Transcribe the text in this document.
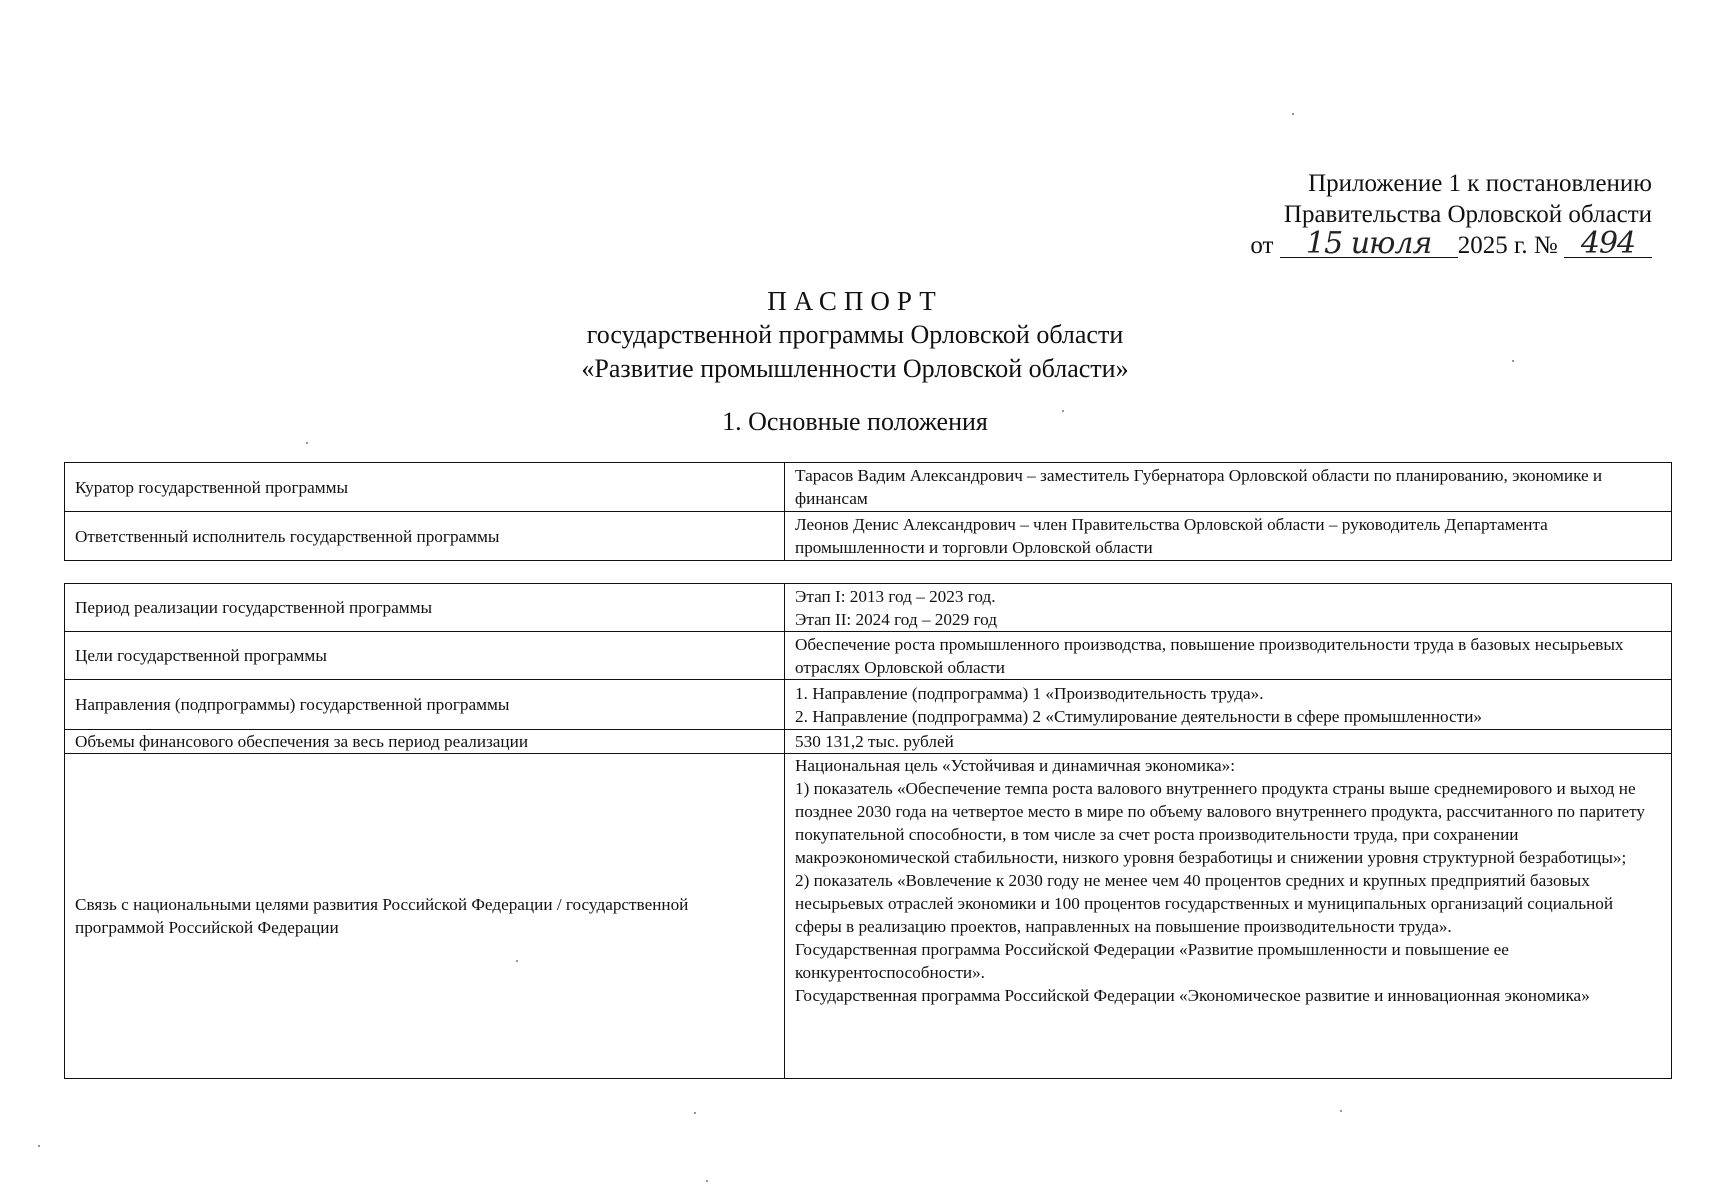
Приложение 1 к постановлению
Правительства Орловской области
от 15 июля 2025 г. № 494
ПАСПОРТ
государственной программы Орловской области
«Развитие промышленности Орловской области»
1. Основные положения
Куратор государственной программы	Тарасов Вадим Александрович – заместитель Губернатора Орловской области по планированию, экономике и финансам
Ответственный исполнитель государственной программы	Леонов Денис Александрович – член Правительства Орловской области – руководитель Департамента промышленности и торговли Орловской области
Период реализации государственной программы	Этап I: 2013 год – 2023 год.
Этап II: 2024 год – 2029 год

Цели государственной программы	Обеспечение роста промышленного производства, повышение производительности труда в базовых несырьевых отраслях Орловской области
Направления (подпрограммы) государственной программы	1. Направление (подпрограмма) 1 «Производительность труда».
2. Направление (подпрограмма) 2 «Стимулирование деятельности в сфере промышленности»

Объемы финансового обеспечения за весь период реализации	530 131,2 тыс. рублей
Связь с национальными целями развития Российской Федерации / государственной программой Российской Федерации	Национальная цель «Устойчивая и динамичная экономика»:
1) показатель «Обеспечение темпа роста валового внутреннего продукта страны выше среднемирового и выход не позднее 2030 года на четвертое место в мире по объему валового внутреннего продукта, рассчитанного по паритету покупательной способности, в том числе за счет роста производительности труда, при сохранении макроэкономической стабильности, низкого уровня безработицы и снижении уровня структурной безработицы»;
2) показатель «Вовлечение к 2030 году не менее чем 40 процентов средних и крупных предприятий базовых несырьевых отраслей экономики и 100 процентов государственных и муниципальных организаций социальной сферы в реализацию проектов, направленных на повышение производительности труда».
Государственная программа Российской Федерации «Развитие промышленности и повышение ее конкурентоспособности».
Государственная программа Российской Федерации «Экономическое развитие и инновационная экономика»
